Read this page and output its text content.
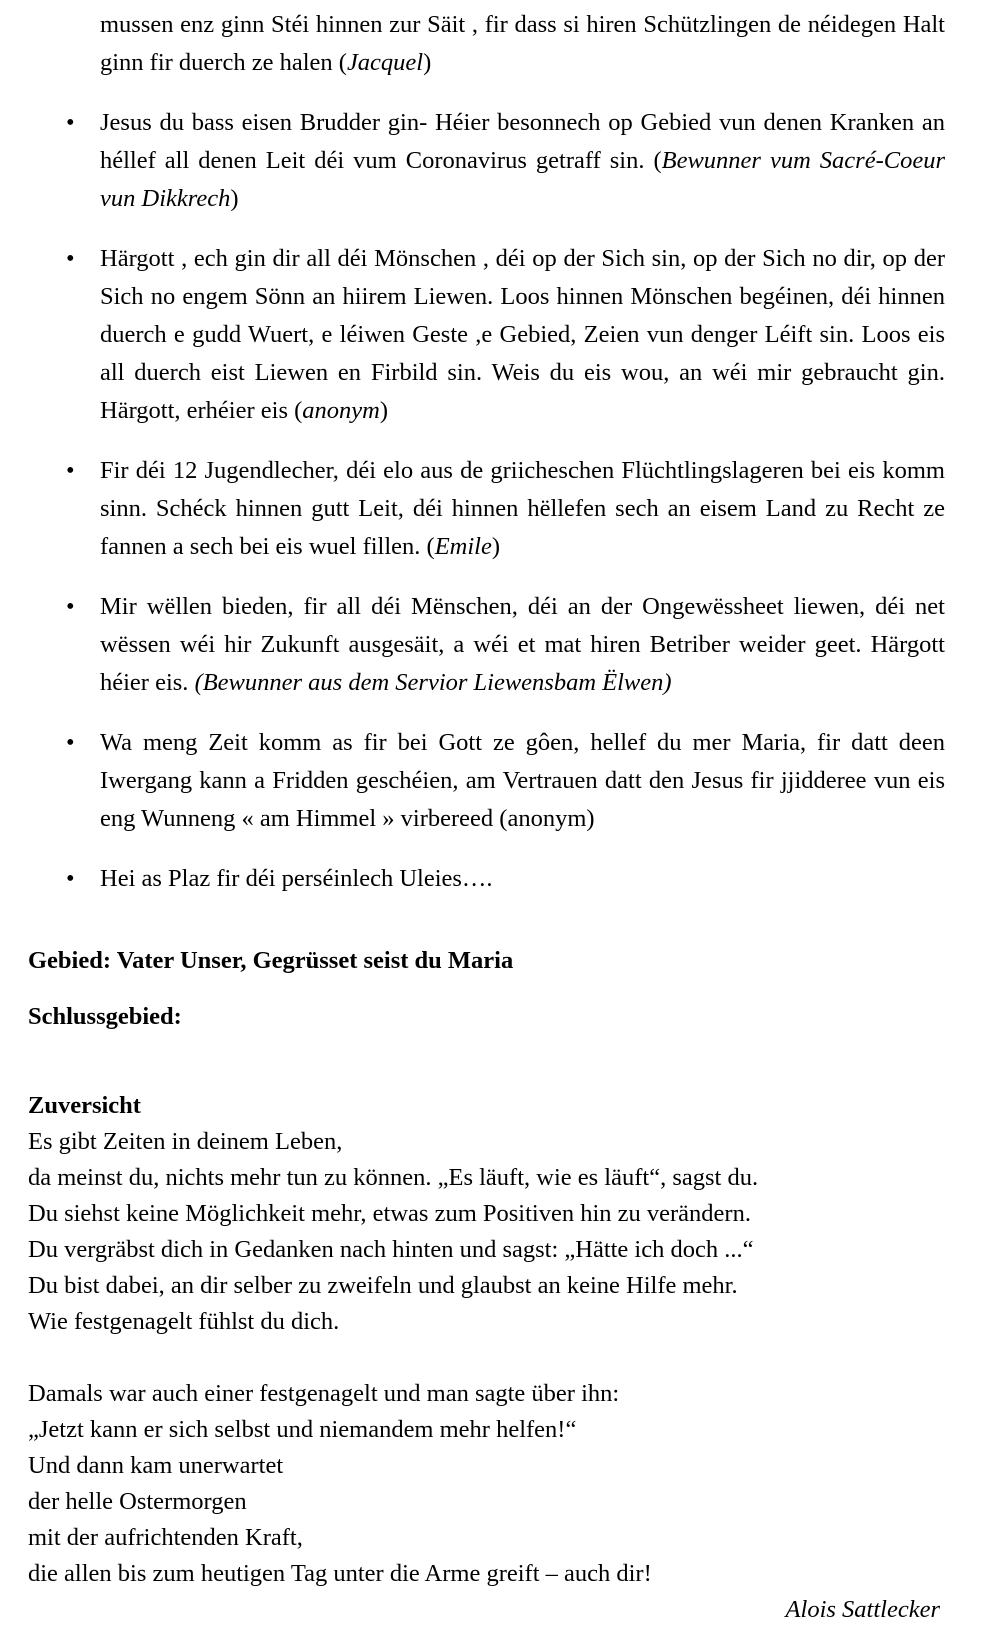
mussen enz ginn Stéi hinnen zur Säit , fir dass si hiren Schützlingen de néidegen Halt ginn fir duerch ze halen (Jacquel)
• Jesus du bass eisen Brudder gin- Héier besonnech op Gebied vun denen Kranken an héllef all denen Leit déi vum Coronavirus getraff sin. (Bewunner vum Sacré-Coeur vun Dikkrech)
• Härgott , ech gin dir all déi Mönschen , déi op der Sich sin, op der Sich no dir, op der Sich no engem Sönn an hiirem Liewen. Loos hinnen Mönschen begéinen, déi hinnen duerch e gudd Wuert, e léiwen Geste ,e Gebied, Zeien vun denger Léift sin. Loos eis all duerch eist Liewen en Firbild sin. Weis du eis wou, an wéi mir gebraucht gin. Härgott, erhéier eis (anonym)
• Fir déi 12 Jugendlecher, déi elo aus de griicheschen Flüchtlingslageren bei eis komm sinn. Schéck hinnen gutt Leit, déi hinnen hëllefen sech an eisem Land zu Recht ze fannen a sech bei eis wuel fillen. (Emile)
• Mir wëllen bieden, fir all déi Mënschen, déi an der Ongewëssheet liewen, déi net wëssen wéi hir Zukunft ausgesäit, a wéi et mat hiren Betriber weider geet. Härgott héier eis. (Bewunner aus dem Servior Liewensbam Ëlwen)
• Wa meng Zeit komm as fir bei Gott ze gôen, hellef du mer Maria, fir datt deen Iwergang kann a Fridden geschéien, am Vertrauen datt den Jesus fir jjidderee vun eis eng Wunneng « am Himmel » virbereed (anonym)
• Hei as Plaz fir déi perséinlech Uleies….
Gebied: Vater Unser, Gegrüsset seist du Maria
Schlussgebied:
Zuversicht
Es gibt Zeiten in deinem Leben,
da meinst du, nichts mehr tun zu können. „Es läuft, wie es läuft“, sagst du.
Du siehst keine Möglichkeit mehr, etwas zum Positiven hin zu verändern.
Du vergräbst dich in Gedanken nach hinten und sagst: „Hätte ich doch ...“
Du bist dabei, an dir selber zu zweifeln und glaubst an keine Hilfe mehr.
Wie festgenagelt fühlst du dich.
Damals war auch einer festgenagelt und man sagte über ihn:
„Jetzt kann er sich selbst und niemandem mehr helfen!“
Und dann kam unerwartet
der helle Ostermorgen
mit der aufrichtenden Kraft,
die allen bis zum heutigen Tag unter die Arme greift – auch dir!
Alois Sattlecker
